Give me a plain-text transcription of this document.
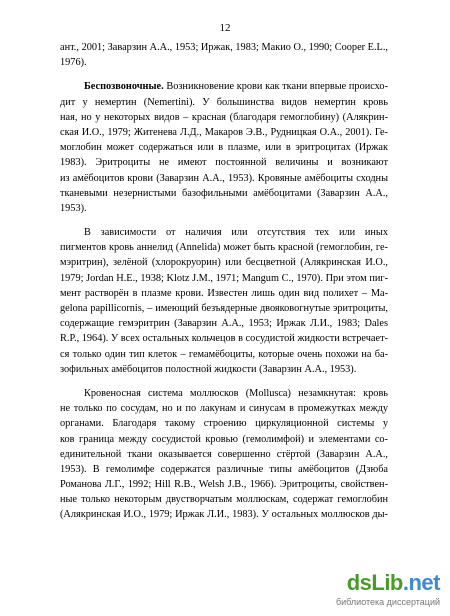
12
ант., 2001; Заварзин А.А., 1953; Иржак, 1983; Макио О., 1990; Cooper E.L.,
1976).
Беспозвоночные. Возникновение крови как ткани впервые происхо-
дит у немертин (Nemertini). У большинства видов немертин кровь
ная, но у некоторых видов – красная (благодаря гемоглобину) (Алякрин-
ская И.О., 1979; Житенева Л.Д., Макаров Э.В., Рудницкая О.А., 2001). Ге-
моглобин может содержаться или в плазме, или в эритроцитах (Иржак
1983). Эритроциты не имеют постоянной величины и возникают
из амёбоцитов крови (Заварзин А.А., 1953). Кровяные амёбоциты сходны
тканевыми незернистыми базофильными амёбоцитами (Заварзин А.А.,
1953).
В зависимости от наличия или отсутствия тех или иных
пигментов кровь аннелид (Annelida) может быть красной (гемоглобин, ге-
мэритрин), зелёной (хлорокруорин) или бесцветной (Алякринская И.О.,
1979; Jordan H.E., 1938; Klotz J.M., 1971; Mangum C., 1970). При этом пиг-
мент растворён в плазме крови. Известен лишь один вид полихет – Ma-
gelona papillicornis, – имеющий безъядерные двояковогнутые эритроциты,
содержащие гемэритрин (Заварзин А.А., 1953; Иржак Л.И., 1983; Dales
R.P., 1964). У всех остальных кольчецов в сосудистой жидкости встречает-
ся только один тип клеток – гемамёбоциты, которые очень похожи на ба-
зофильных амёбоцитов полостной жидкости (Заварзин А.А., 1953).
Кровеносная система моллюсков (Mollusca) незамкнутая: кровь
не только по сосудам, но и по лакунам и синусам в промежутках между
органами. Благодаря такому строению циркуляционной системы у
ков граница между сосудистой кровью (гемолимфой) и элементами со-
единительной ткани оказывается совершенно стёртой (Заварзин А.А.,
1953). В гемолимфе содержатся различные типы амёбоцитов (Дзюба
Романова Л.Г., 1992; Hill R.B., Welsh J.B., 1966). Эритроциты, свойствен-
ные только некоторым двустворчатым моллюскам, содержат гемоглобин
(Алякринская И.О., 1979; Иржак Л.И., 1983). У остальных моллюсков ды-
dsLib.net
библиотека диссертаций
